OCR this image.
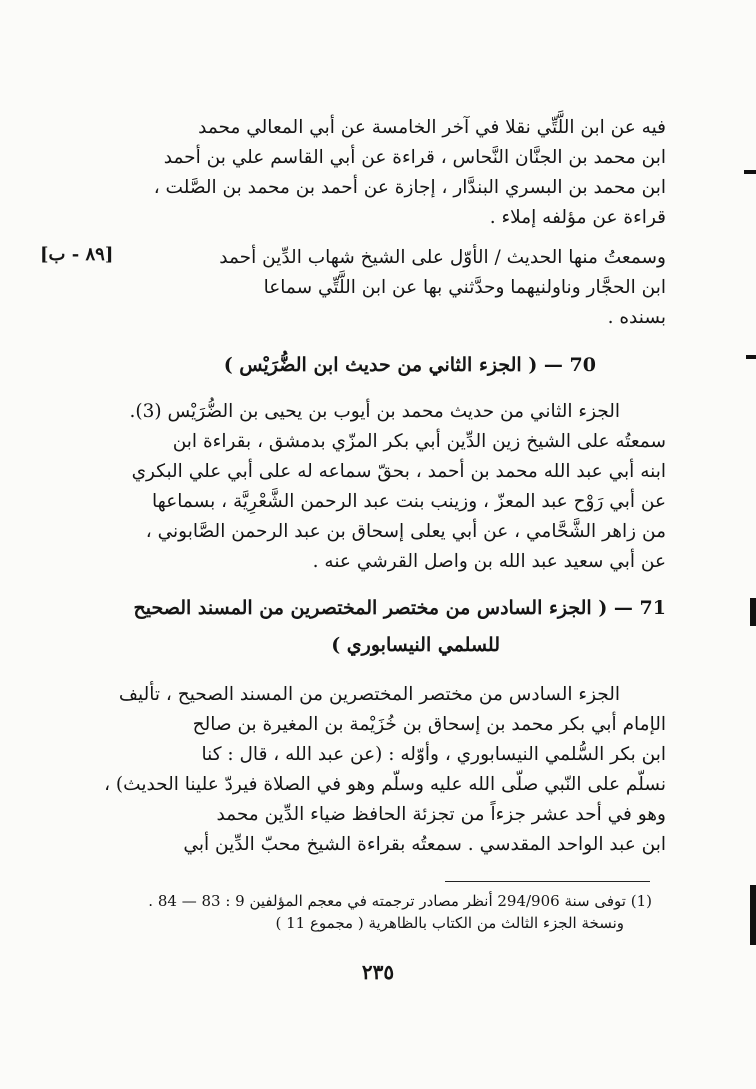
فيه عن ابن اللَّتِّي نقلا في آخر الخامسة عن أبي المعالي محمد
ابن محمد بن الجنَّان النَّحاس ، قراءة عن أبي القاسم علي بن أحمد
ابن محمد بن البسري البندَّار ، إجازة عن أحمد بن محمد بن الصَّلت ،
قراءة عن مؤلفه إملاء .
وسمعتُ منها الحديث / الأوّل على الشيخ شهاب الدِّين أحمد
ابن الحجَّار وناولنيهما وحدَّثني بها عن ابن اللَّتِّي سماعا
بسنده .
[٨٩ - ب]
70 — ( الجزء الثاني من حديث ابن الضُّرَيْس )
الجزء الثاني من حديث محمد بن أيوب بن يحيى بن الضُّرَيْس (3).
سمعتُه على الشيخ زين الدِّين أبي بكر المزّي بدمشق ، بقراءة ابن
ابنه أبي عبد الله محمد بن أحمد ، بحقّ سماعه له على أبي علي البكري
عن أبي رَوْح عبد المعزّ ، وزينب بنت عبد الرحمن الشَّعْرِيَّة ، بسماعها
من زاهر الشَّحَّامي ، عن أبي يعلى إسحاق بن عبد الرحمن الصَّابوني ،
عن أبي سعيد عبد الله بن واصل القرشي عنه .
71 — ( الجزء السادس من مختصر المختصرين من المسند الصحيح
للسلمي النيسابوري )
الجزء السادس من مختصر المختصرين من المسند الصحيح ، تأليف
الإمام أبي بكر محمد بن إسحاق بن خُزَيْمة بن المغيرة بن صالح
ابن بكر السُّلمي النيسابوري ، وأوّله : (عن عبد الله ، قال : كنا
نسلّم على النّبي صلّى الله عليه وسلّم وهو في الصلاة فيردّ علينا الحديث) ،
وهو في أحد عشر جزءاً من تجزئة الحافظ ضياء الدِّين محمد
ابن عبد الواحد المقدسي . سمعتُه بقراءة الشيخ محبّ الدِّين أبي
(1) توفى سنة 294/906 أنظر مصادر ترجمته في معجم المؤلفين 9 : 83 — 84 .
ونسخة الجزء الثالث من الكتاب بالظاهرية ( مجموع 11 )
٢٣٥
